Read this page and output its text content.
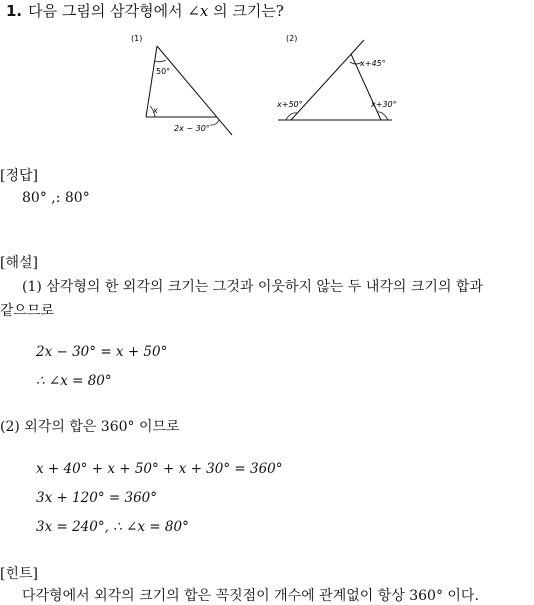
1. 다음 그림의 삼각형에서 ∠x 의 크기는?
(1)
50°
x
2x − 30°
(2)
x+45°
x+50°	x+30°
[정답]
80° ,: 80°
[해설]
(1) 삼각형의 한 외각의 크기는 그것과 이웃하지 않는 두 내각의 크기의 합과
같으므로
2x − 30° = x + 50°
∴ ∠x = 80°
(2) 외각의 합은 360° 이므로
x + 40° + x + 50° + x + 30° = 360°
3x + 120° = 360°
3x = 240°, ∴ ∠x = 80°
[힌트]
다각형에서 외각의 크기의 합은 꼭짓점이 개수에 관계없이 항상 360° 이다.
